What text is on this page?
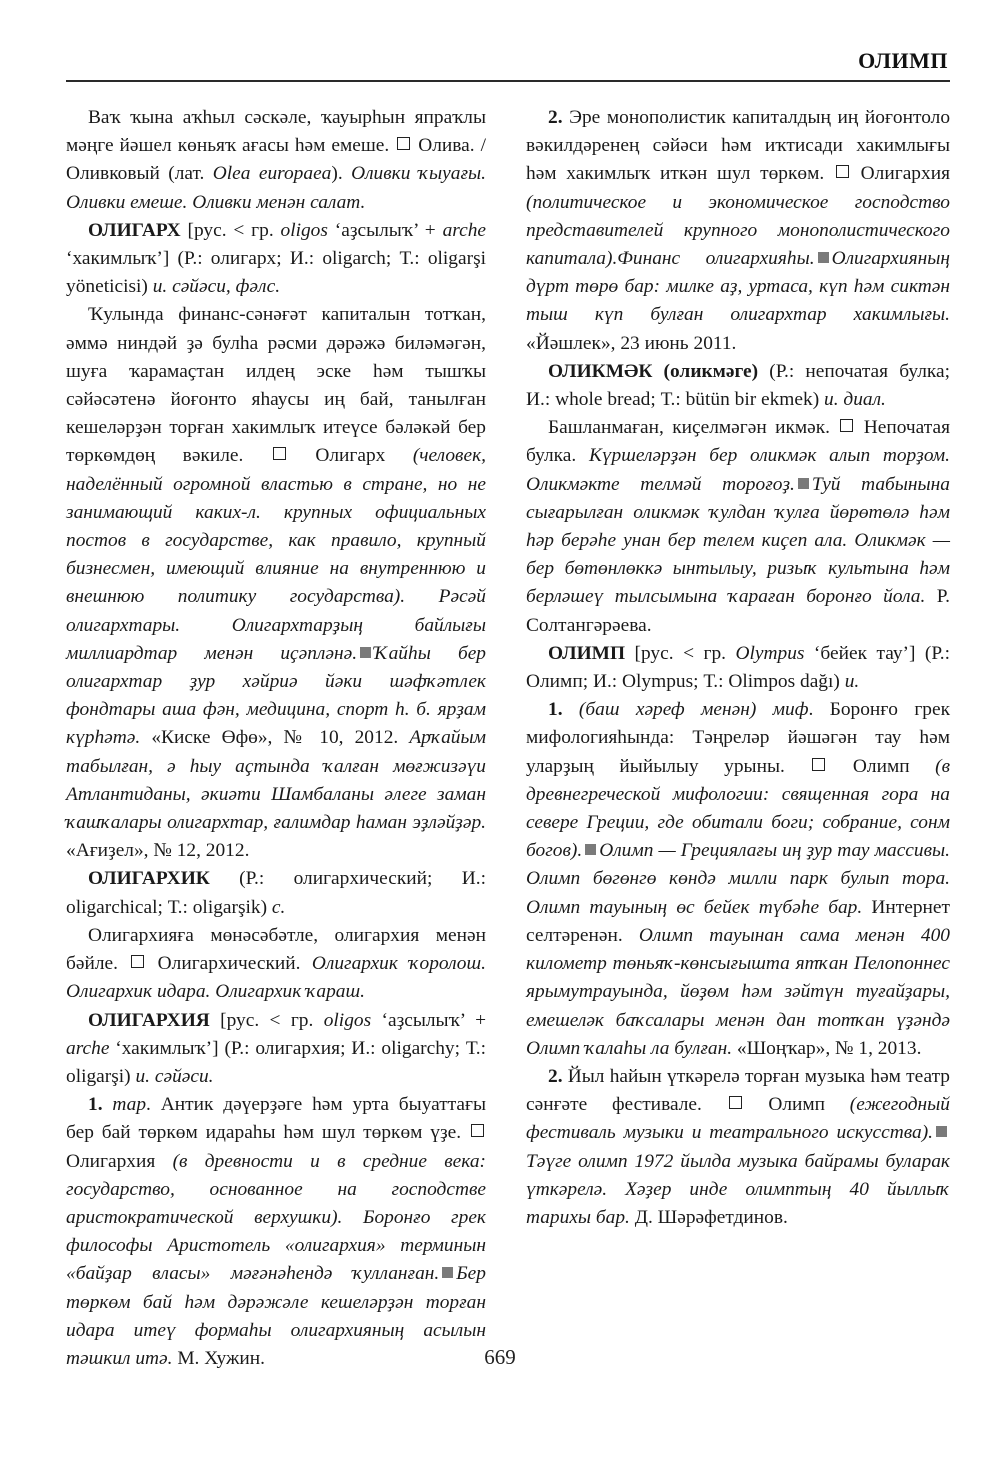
ОЛИМП

Ваҡ ҡына аҡһыл сәскәле, ҡауырһын япраҡлы мәңге йәшел көньяҡ ағасы һәм емеше.  Олива. / Оливковый (лат. Olea europaea). Оливки ҡыуағы. Оливки емеше. Оливки менән салат.

ОЛИГАРХ [рус. < гр. oligos ‘аҙсылыҡ’ + arche ‘хакимлыҡ’] (Р.: олигарх; И.: oligarch; Т.: oligarşi yöneticisi) и. сәйәси, фәлс.

Ҡулында финанс-сәнәғәт капиталын тотҡан, әммә ниндәй ҙә булһа рәсми дәрәжә биләмәгән, шуға ҡарамаҫтан илдең эске һәм тышҡы сәйәсәтенә йоғонто яһаусы иң бай, танылған кешеләрҙән торған хакимлыҡ итеүсе бәләкәй бер төркөмдөң вәкиле.  Олигарх (человек, наделённый огромной властью в стране, но не занимающий каких-л. крупных официальных постов в государстве, как правило, крупный бизнесмен, имеющий влияние на внутреннюю и внешнюю политику государства). Рәсәй олигархтары. Олигархтарҙың байлығы миллиардтар менән иҫәпләнә. Ҡайһы бер олигархтар ҙур хәйриә йәки шәфҡәтлек фондтары аша фән, медицина, спорт һ. б. ярҙам күрһәтә. «Киске Өфө», № 10, 2012. Арҡайым табылған, ә һыу аҫтында ҡалған мөғжизәүи Атлантиданы, әкиәти Шамбаланы әлеге заман ҡашҡалары олигархтар, ғалимдар һаман эҙләйҙәр. «Ағиҙел», № 12, 2012.

ОЛИГАРХИК (Р.: олигархический; И.: oligarchical; Т.: oligarşik) с.

Олигархияға мөнәсәбәтле, олигархия менән бәйле.  Олигархический. Олигархик ҡоролош. Олигархик идара. Олигархик ҡараш.

ОЛИГАРХИЯ [рус. < гр. oligos ‘аҙсылыҡ’ + arche ‘хакимлыҡ’] (Р.: олигархия; И.: oligarchy; Т.: oligarşi) и. сәйәси.

1. тар. Антик дәүерҙәге һәм урта быуаттағы бер бай төркөм идараһы һәм шул төркөм үҙе.  Олигархия (в древности и в средние века: государство, основанное на господстве аристократической верхушки). Боронғо грек философы Аристотель «олигархия» терминын «байҙар власы» мәғәнәһендә ҡулланған. Бер төркөм бай һәм дәрәжәле кешеләрҙән торған идара итеү формаһы олигархияның асылын тәшкил итә. М. Хужин.

2. Эре монополистик капиталдың иң йоғонтоло вәкилдәренең сәйәси һәм иҡтисади хакимлығы һәм хакимлыҡ иткән шул төркөм.  Олигархия (политическое и экономическое господство представителей крупного монополистического капитала).Финанс олигархияһы. Олигархияның дүрт төрө бар: милке аҙ, уртаса, күп һәм сиктән тыш күп булған олигархтар хакимлығы. «Йәшлек», 23 июнь 2011.

ОЛИКМӘК (оликмәге) (Р.: непочатая булка; И.: whole bread; Т.: bütün bir ekmek) и. диал.

Башланмаған, киҫелмәгән икмәк.  Непочатая булка. Күршеләрҙән бер оликмәк алып торҙом. Оликмәкте телмәй тороғоҙ. Туй табынына сығарылған оликмәк ҡулдан ҡулға йөрөтөлә һәм һәр берәһе унан бер телем киҫеп ала. Оликмәк — бер бөтөнлөккә ынтылыу, ризыҡ культына һәм берләшеү тылсымына ҡараған боронғо йола. Р. Солтангәрәева.

ОЛИМП [рус. < гр. Olympus ‘бейек тау’] (Р.: Олимп; И.: Olympus; Т.: Olimpos dağı) и.

1. (баш хәреф менән) миф. Боронғо грек мифологияһында: Тәңреләр йәшәгән тау һәм уларҙың йыйылыу урыны.  Олимп (в древнегреческой мифологии: священная гора на севере Греции, где обитали боги; собрание, сонм богов). Олимп — Грециялағы иң ҙур тау массивы. Олимп бөгөнгө көндә милли парк булып тора. Олимп тауының өс бейек түбәһе бар. Интернет селтәренән. Олимп тауынан сама менән 400 километр төньяҡ-көнсығышта ятҡан Пелопоннес ярымутрауында, йөҙөм һәм зәйтүн туғайҙары, емешеләк баҡсалары менән дан тотҡан үҙәндә Олимп ҡалаһы ла булған. «Шоңҡар», № 1, 2013.

2. Йыл һайын үткәрелә торған музыка һәм театр сәнғәте фестивале.  Олимп (ежегодный фестиваль музыки и театрального искусства).Тәүге олимп 1972 йылда музыка байрамы буларак үткәрелә. Хәҙер инде олимптың 40 йыллыҡ тарихы бар. Д. Шәрәфетдинов.

669
